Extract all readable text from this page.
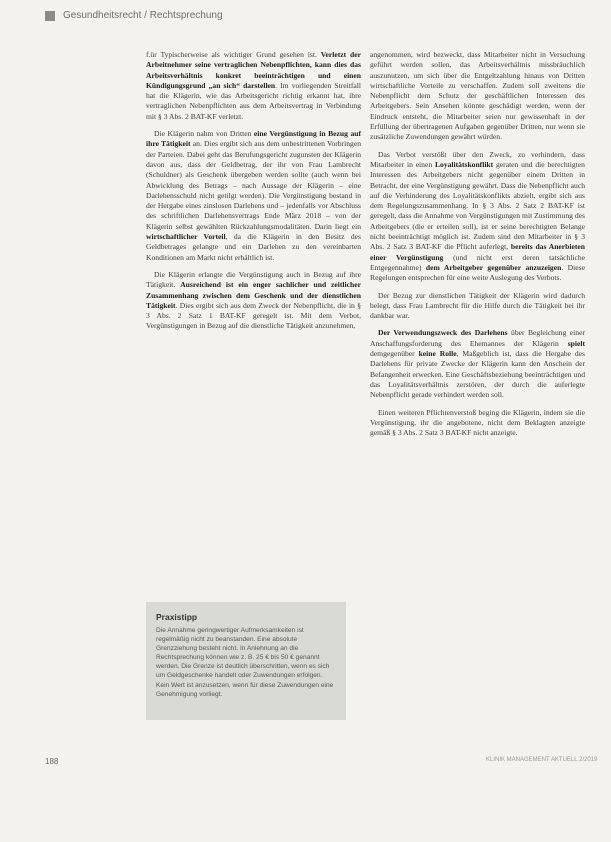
Gesundheitsrecht / Rechtsprechung

f.ür Typischerweise als wichtiger Grund gesehen ist. Verletzt der Arbeitnehmer seine vertraglichen Nebenpflichten, kann dies das Arbeitsverhältnis konkret beeinträchtigen und einen Kündigungsgrund „an sich“ darstellen. Im vorliegenden Streitfall hat die Klägerin, wie das Arbeitsgericht richtig erkannt hat, ihre vertraglichen Nebenpflichten aus dem Arbeitsvertrag in Verbindung mit § 3 Abs. 2 BAT-KF verletzt.

Die Klägerin nahm von Dritten eine Vergünstigung in Bezug auf ihre Tätigkeit an. Dies ergibt sich aus dem unbestrittenen Vorbringen der Parteien. Dabei geht das Berufungsgericht zugunsten der Klägerin davon aus, dass der Geldbetrag, der ihr von Frau Lambrecht (Schuldner) als Geschenk übergeben werden sollte (auch wenn bei Abwicklung des Betrags – nach Aussage der Klägerin – eine Darlehensschuld nicht getilgt werden). Die Vergünstigung bestand in der Hergabe eines zinslosen Darlehens und – jedenfalls vor Abschluss des schriftlichen Darlehensvertrags Ende März 2018 – von der Klägerin selbst gewählten Rückzahlungsmodalitäten. Darin liegt ein wirtschaftlicher Vorteil, da die Klägerin in den Besitz des Geldbetrages gelangte und ein Darlehen zu den vereinbarten Konditionen am Markt nicht erhältlich ist.

Die Klägerin erlangte die Vergünstigung auch in Bezug auf ihre Tätigkeit. Ausreichend ist ein enger sachlicher und zeitlicher Zusammenhang zwischen dem Geschenk und der dienstlichen Tätigkeit. Dies ergibt sich aus dem Zweck der Nebenpflicht, die in § 3 Abs. 2 Satz 1 BAT-KF geregelt ist. Mit dem Verbot, Vergünstigungen in Bezug auf die dienstliche Tätigkeit anzunehmen,

Praxistipp
Die Annahme geringwertiger Aufmerksamkeiten ist regelmäßig nicht zu beanstanden. Eine absolute Grenzziehung besteht nicht. In Anlehnung an die Rechtsprechung können wie z. B. 25 € bis 50 € genannt werden. Die Grenze ist deutlich überschritten, wenn es sich um Geldgeschenke handelt oder Zuwendungen erfolgen. Kein Wert ist anzusetzen, wenn für diese Zuwendungen eine Genehmigung vorliegt.

angenommen, wird bezweckt, dass Mitarbeiter nicht in Versuchung geführt werden sollen, das Arbeitsverhältnis missbräuchlich auszunutzen, um sich über die Entgeltzahlung hinaus von Dritten wirtschaftliche Vorteile zu verschaffen. Zudem soll zweitens die Nebenpflicht dem Schutz der geschäftlichen Interessen des Arbeitgebers. Sein Ansehen könnte geschädigt werden, wenn der Eindruck entsteht, die Mitarbeiter seien nur gewissenhaft in der Erfüllung der übertragenen Aufgaben gegenüber Dritten, nur wenn sie zusätzliche Zuwendungen gewährt würden.

Das Verbot verstößt über den Zweck, zu verhindern, dass Mitarbeiter in einen Loyalitätskonflikt geraten und die berechtigten Interessen des Arbeitgebers nicht gegenüber einem Dritten in Betracht, der eine Vergünstigung gewährt. Dass die Nebenpflicht auch auf die Verhinderung des Loyalitätskonflikts abzielt, ergibt sich aus dem Regelungszusammenhang. In § 3 Abs. 2 Satz 2 BAT-KF ist geregelt, dass die Annahme von Vergünstigungen mit Zustimmung des Arbeitgebers (die er erteilen soll), ist er seine berechtigten Belange nicht beeinträchtigt möglich ist. Zudem sind den Mitarbeiter in § 3 Abs. 2 Satz 3 BAT-KF die Pflicht auferlegt, bereits das Anerbieten einer Vergünstigung (und nicht erst deren tatsächliche Entgegennahme) dem Arbeitgeber gegenüber anzuzeigen. Diese Regelungen entsprechen für eine weite Auslegung des Verbots.

Der Bezug zur dienstlichen Tätigkeit der Klägerin wird dadurch belegt, dass Frau Lambrecht für die Hilfe durch die Tätigkeit bei ihr dankbar war.

Der Verwendungszweck des Darlehens über Begleichung einer Anschaffungsforderung des Ehemannes der Klägerin spielt demgegenüber keine Rolle, Maßgeblich ist, dass die Hergabe des Darlehens für private Zwecke der Klägerin kann den Anschein der Befangenheit erwecken. Eine Geschäftsbeziehung beeinträchtigen und das Loyalitätsverhältnis zerstören, der durch die auferlegte Nebenpflicht gerade verhindert werden soll.

Einen weiteren Pflichtenverstoß beging die Klägerin, indem sie die Vergünstigung, ihr die angebotene, nicht dem Beklagten anzeigte gemäß § 3 Abs. 2 Satz 3 BAT-KF nicht anzeigte.

188	KLINIK MANAGEMENT AKTUELL 2/2019
